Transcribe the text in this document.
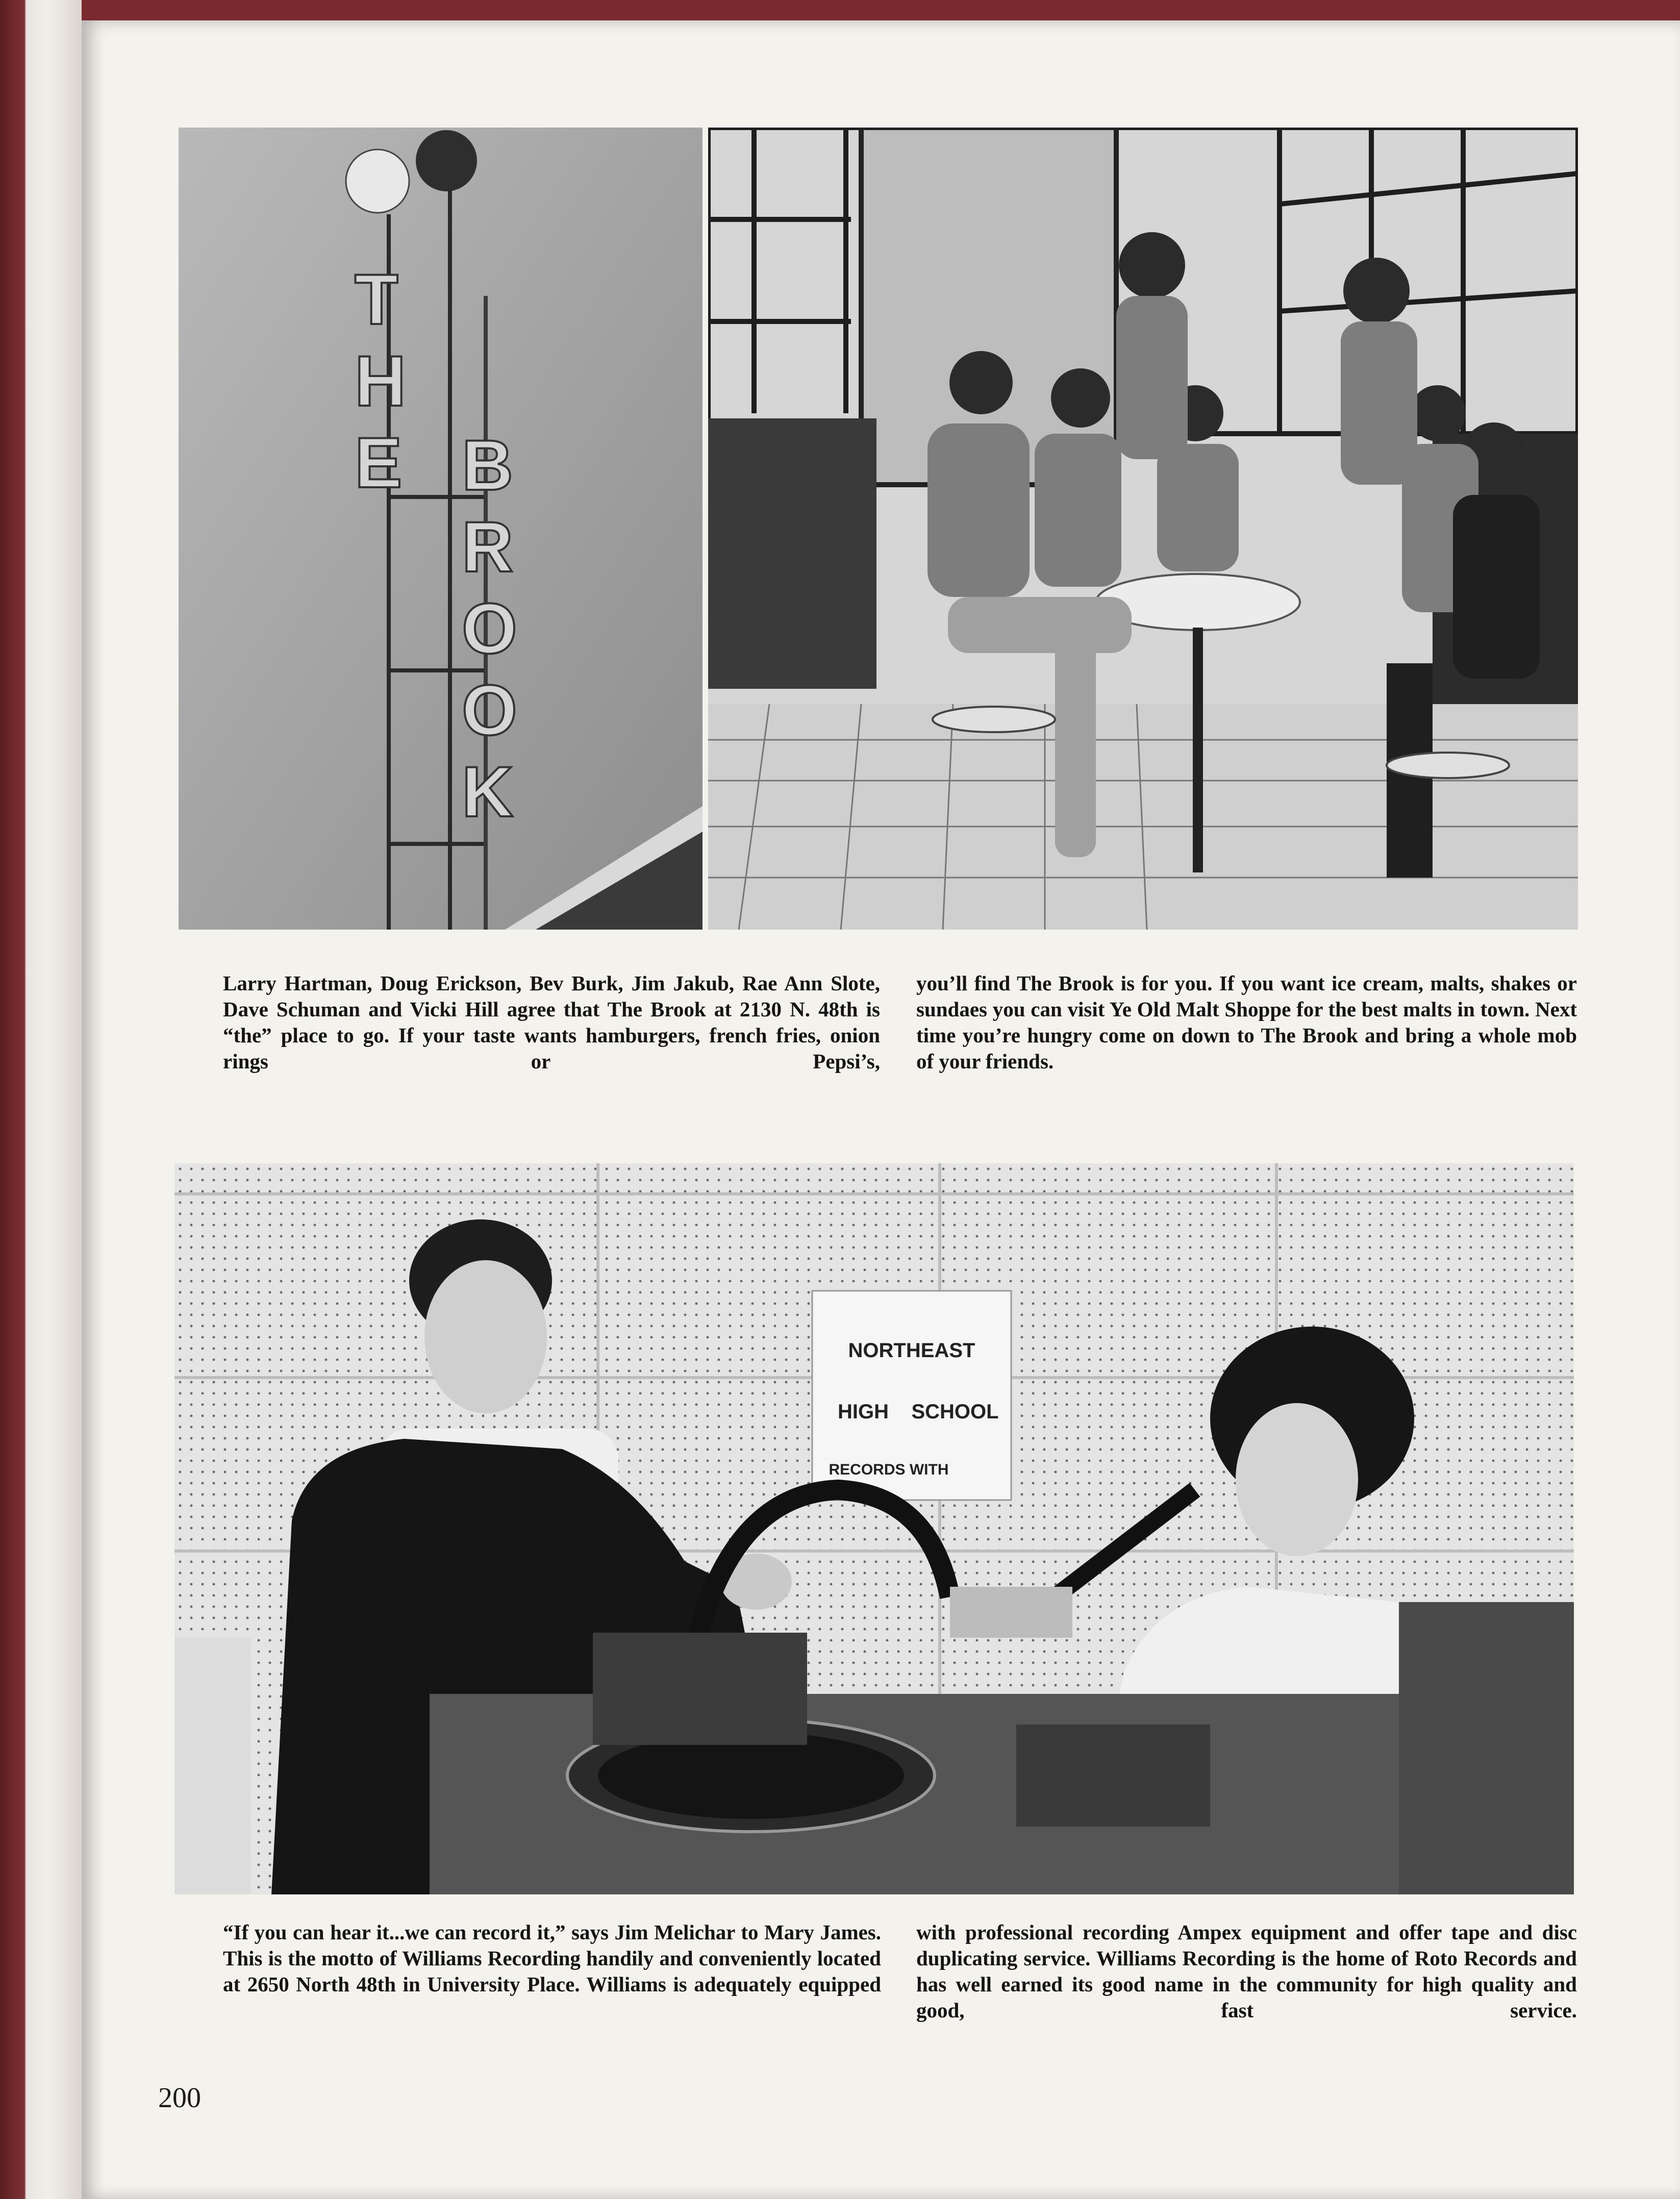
T
H
E B
R
O
O
K
Larry Hartman, Doug Erickson, Bev Burk, Jim Jakub, Rae Ann Slote, Dave Schuman and Vicki Hill agree that The Brook at 2130 N. 48th is “the” place to go. If your taste wants hamburgers, french fries, onion rings or Pepsi’s,
you’ll find The Brook is for you. If you want ice cream, malts, shakes or sundaes you can visit Ye Old Malt Shoppe for the best malts in town. Next time you’re hungry come on down to The Brook and bring a whole mob of your friends.
NORTHEAST
HIGH SCHOOL
RECORDS WITH
“If you can hear it...we can record it,” says Jim Melichar to Mary James. This is the motto of Williams Recording handily and conveniently located at 2650 North 48th in University Place. Williams is adequately equipped
with professional recording Ampex equipment and offer tape and disc duplicating service. Williams Recording is the home of Roto Records and has well earned its good name in the community for high quality and good, fast service.
200
